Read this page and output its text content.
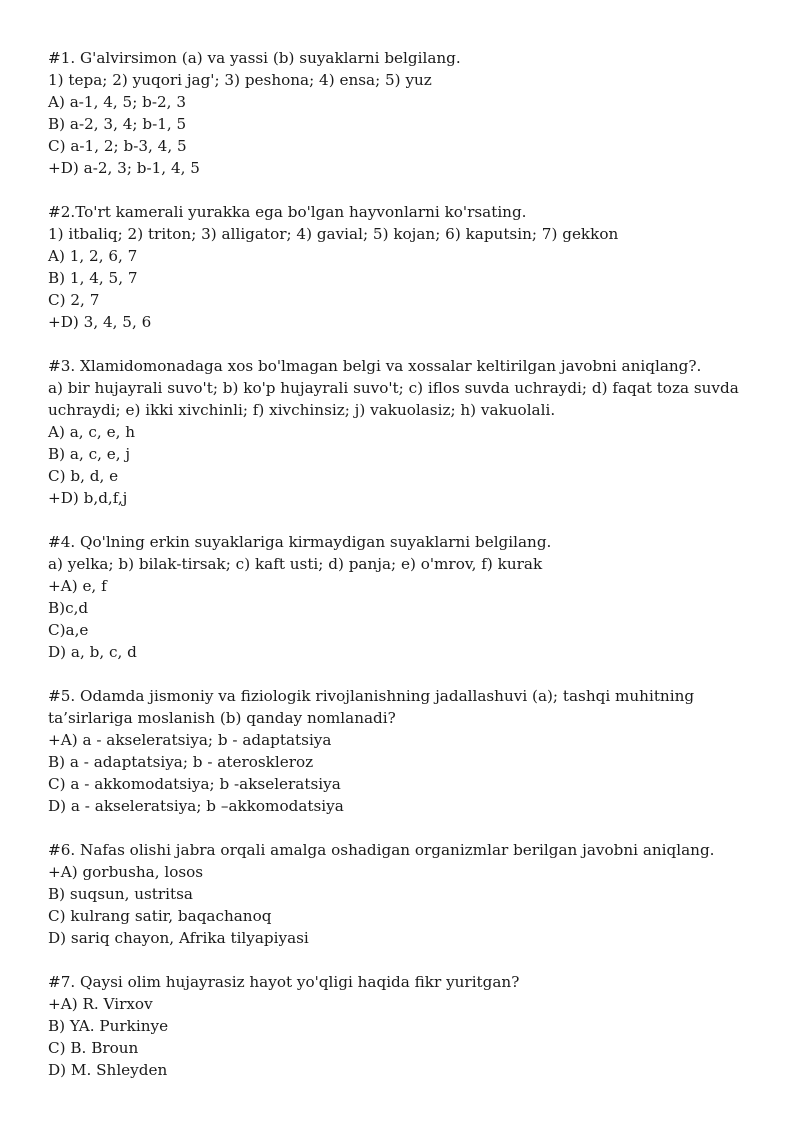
#1. G'alvirsimon (a) va yassi (b) suyaklarni belgilang.
1) tepa; 2) yuqori jag'; 3) peshona; 4) ensa; 5) yuz
A) a-1, 4, 5; b-2, 3
B) a-2, 3, 4; b-1, 5
C) a-1, 2; b-3, 4, 5
+D) a-2, 3; b-1, 4, 5
#2.To'rt kamerali yurakka ega bo'lgan hayvonlarni ko'rsating.
1) itbaliq; 2) triton; 3) alligator; 4) gavial; 5) kojan; 6) kaputsin; 7) gekkon
A) 1, 2, 6, 7
B) 1, 4, 5, 7
C) 2, 7
+D) 3, 4, 5, 6
#3. Xlamidomonadaga xos bo'lmagan belgi va xossalar keltirilgan javobni aniqlang?.
a) bir hujayrali suvo't; b) ko'p hujayrali suvo't; c) iflos suvda uchraydi; d) faqat toza suvda uchraydi; e) ikki xivchinli; f) xivchinsiz; j) vakuolasiz; h) vakuolali.
A) a, c, e, h
B) a, c, e, j
C) b, d, e
+D) b,d,f,j
#4. Qo'lning erkin suyaklariga kirmaydigan suyaklarni belgilang.
a) yelka; b) bilak-tirsak; c) kaft usti; d) panja; e) o'mrov, f) kurak
+A) e, f
B)c,d
C)a,e
D) a, b, c, d
#5. Odamda jismoniy va fiziologik rivojlanishning jadallashuvi (a); tashqi muhitning ta’sirlariga moslanish (b) qanday nomlanadi?
+A) a - akseleratsiya; b - adaptatsiya
B) a - adaptatsiya; b - ateroskleroz
C) a - akkomodatsiya; b -akseleratsiya
D) a - akseleratsiya; b –akkomodatsiya
#6. Nafas olishi jabra orqali amalga oshadigan organizmlar berilgan javobni aniqlang.
+A) gorbusha, losos
B) suqsun, ustritsa
C) kulrang satir, baqachanoq
D) sariq chayon, Afrika tilyapiyasi
#7. Qaysi olim hujayrasiz hayot yo'qligi haqida fikr yuritgan?
+A) R. Virxov
B) YA. Purkinye
C) B. Broun
D) M. Shleyden
